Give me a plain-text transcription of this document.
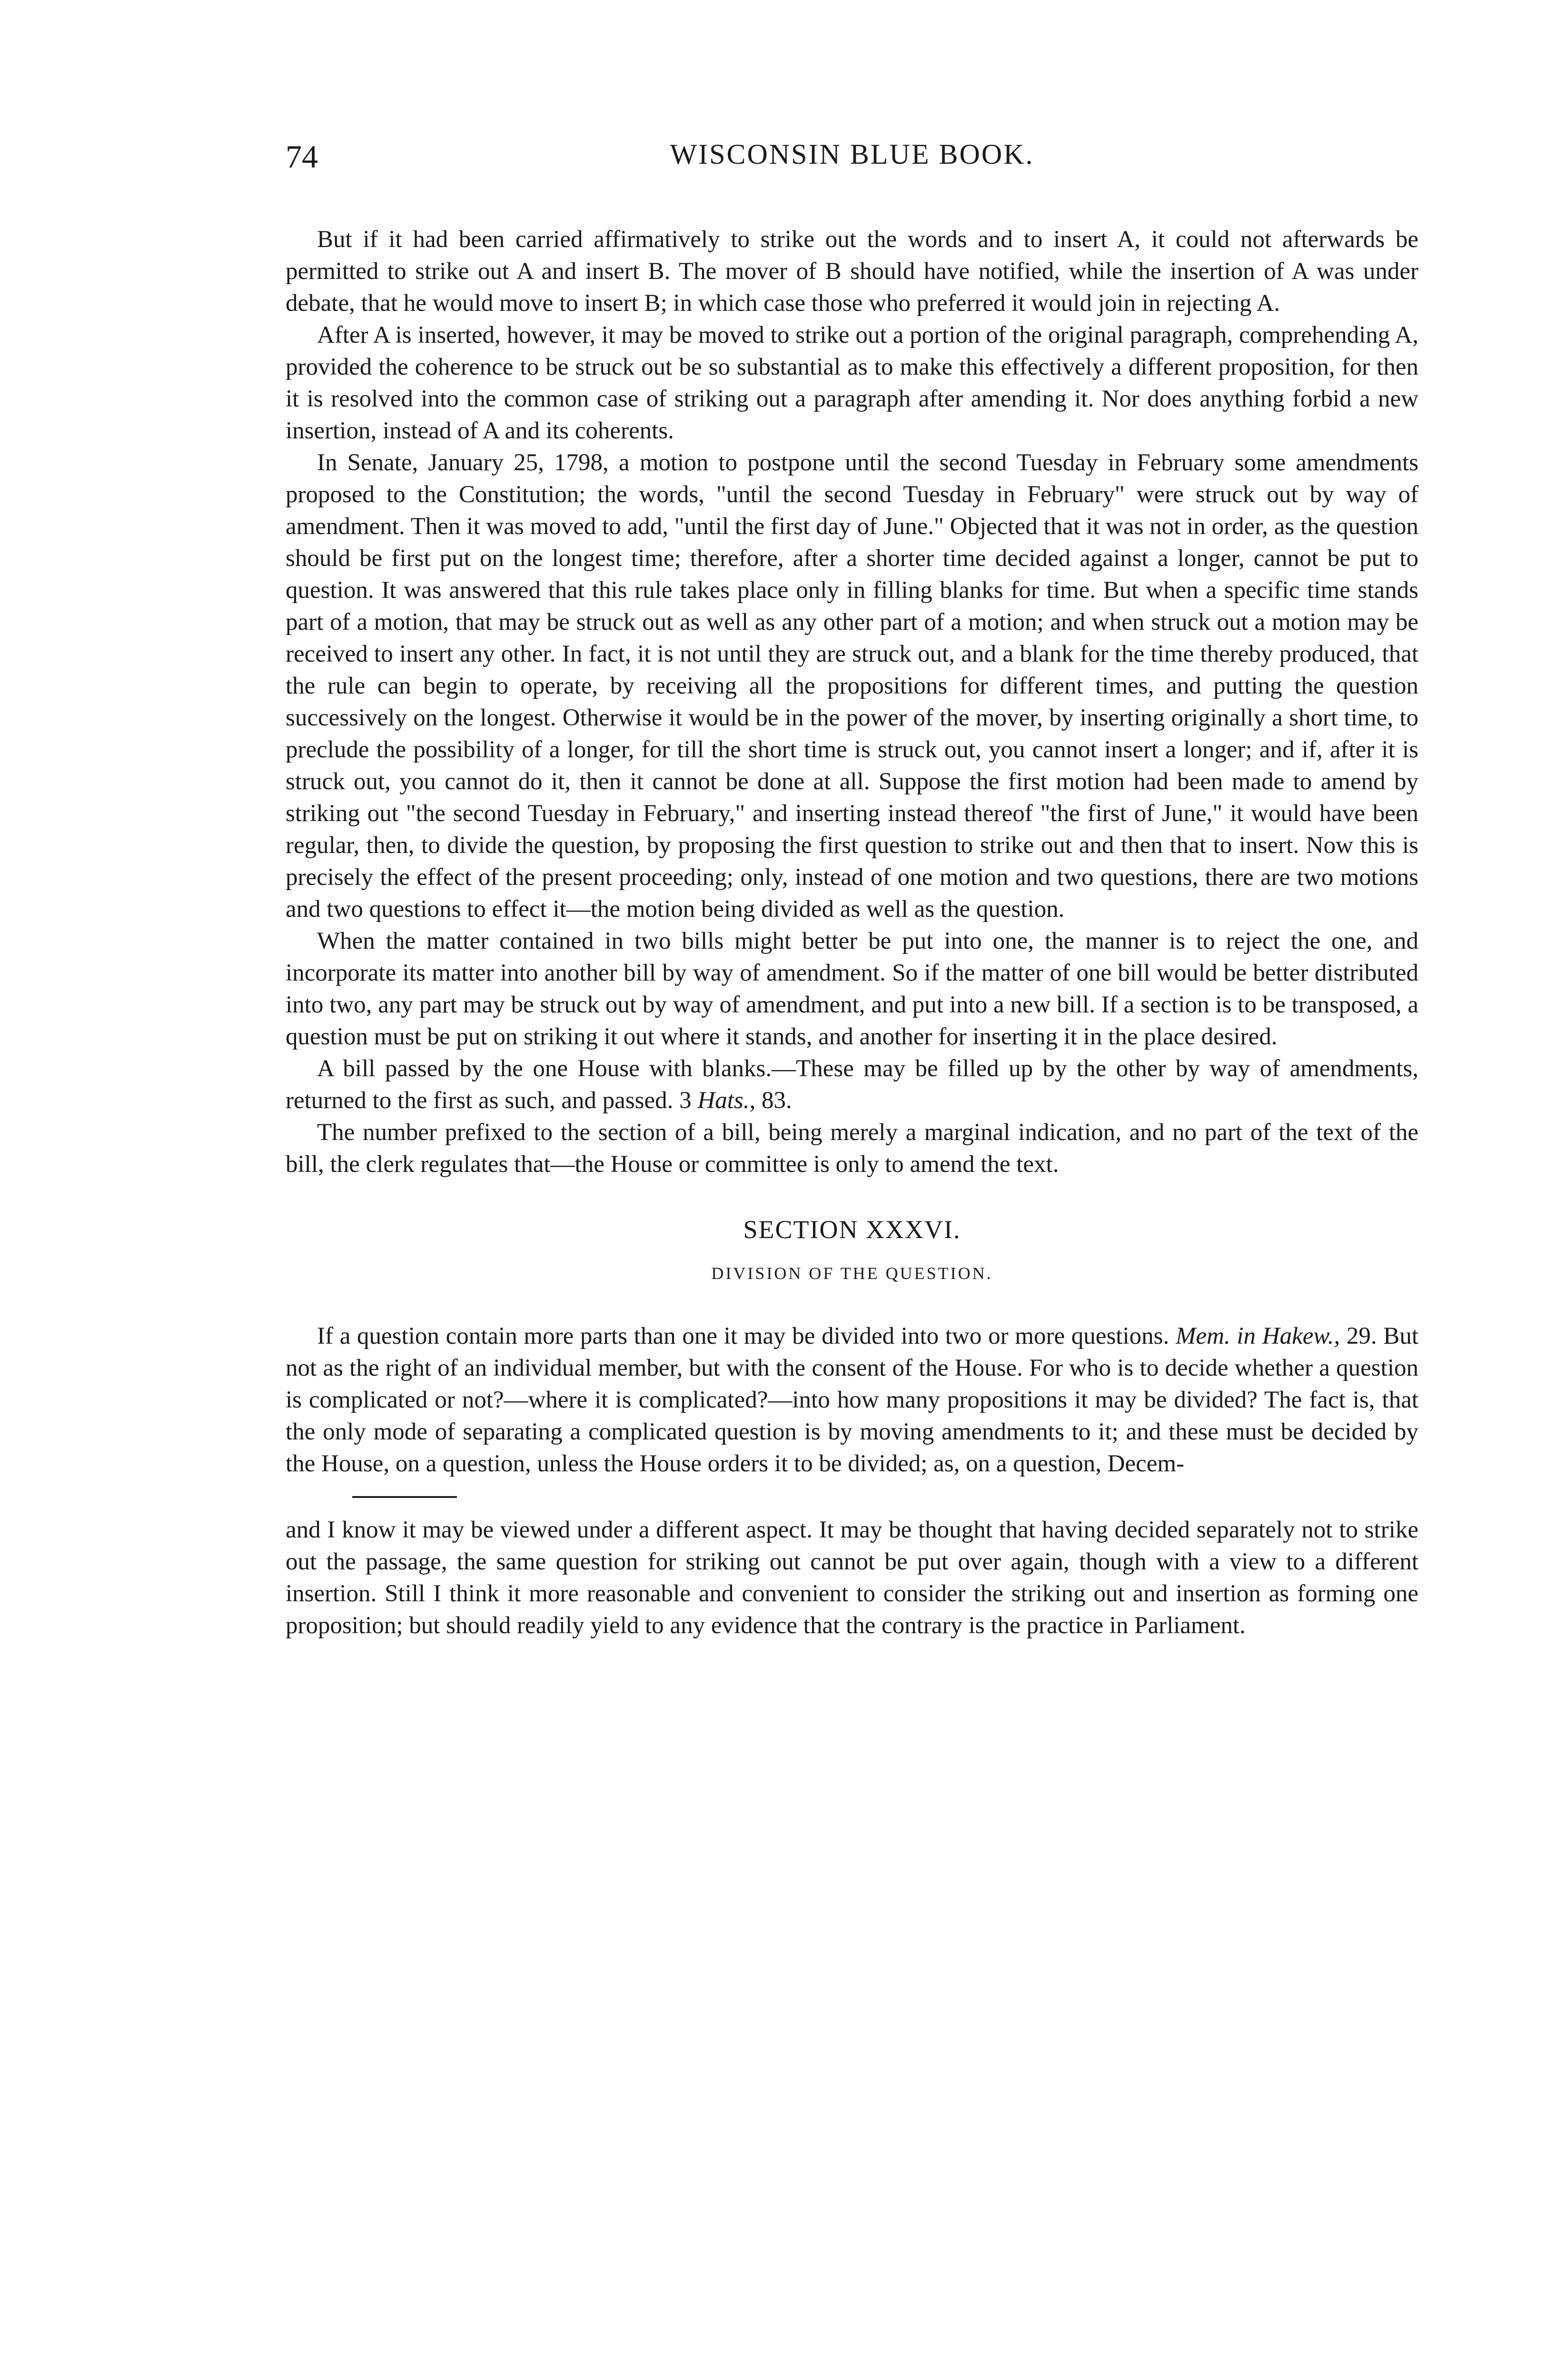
74	WISCONSIN BLUE BOOK.

But if it had been carried affirmatively to strike out the words and to insert A, it could not afterwards be permitted to strike out A and insert B. The mover of B should have notified, while the insertion of A was under debate, that he would move to insert B; in which case those who preferred it would join in rejecting A.

After A is inserted, however, it may be moved to strike out a portion of the original paragraph, comprehending A, provided the coherence to be struck out be so substantial as to make this effectively a different proposition, for then it is resolved into the common case of striking out a paragraph after amending it. Nor does anything forbid a new insertion, instead of A and its coherents.

In Senate, January 25, 1798, a motion to postpone until the second Tuesday in February some amendments proposed to the Constitution; the words, "until the second Tuesday in February" were struck out by way of amendment. Then it was moved to add, "until the first day of June." Objected that it was not in order, as the question should be first put on the longest time; therefore, after a shorter time decided against a longer, cannot be put to question. It was answered that this rule takes place only in filling blanks for time. But when a specific time stands part of a motion, that may be struck out as well as any other part of a motion; and when struck out a motion may be received to insert any other. In fact, it is not until they are struck out, and a blank for the time thereby produced, that the rule can begin to operate, by receiving all the propositions for different times, and putting the question successively on the longest. Otherwise it would be in the power of the mover, by inserting originally a short time, to preclude the possibility of a longer, for till the short time is struck out, you cannot insert a longer; and if, after it is struck out, you cannot do it, then it cannot be done at all. Suppose the first motion had been made to amend by striking out "the second Tuesday in February," and inserting instead thereof "the first of June," it would have been regular, then, to divide the question, by proposing the first question to strike out and then that to insert. Now this is precisely the effect of the present proceeding; only, instead of one motion and two questions, there are two motions and two questions to effect it—the motion being divided as well as the question.

When the matter contained in two bills might better be put into one, the manner is to reject the one, and incorporate its matter into another bill by way of amendment. So if the matter of one bill would be better distributed into two, any part may be struck out by way of amendment, and put into a new bill. If a section is to be transposed, a question must be put on striking it out where it stands, and another for inserting it in the place desired.

A bill passed by the one House with blanks.—These may be filled up by the other by way of amendments, returned to the first as such, and passed. 3 Hats., 83.

The number prefixed to the section of a bill, being merely a marginal indication, and no part of the text of the bill, the clerk regulates that—the House or committee is only to amend the text.

SECTION XXXVI.
DIVISION OF THE QUESTION.

If a question contain more parts than one it may be divided into two or more questions. Mem. in Hakew., 29. But not as the right of an individual member, but with the consent of the House. For who is to decide whether a question is complicated or not?—where it is complicated?—into how many propositions it may be divided? The fact is, that the only mode of separating a complicated question is by moving amendments to it; and these must be decided by the House, on a question, unless the House orders it to be divided; as, on a question, Decem-

and I know it may be viewed under a different aspect. It may be thought that having decided separately not to strike out the passage, the same question for striking out cannot be put over again, though with a view to a different insertion. Still I think it more reasonable and convenient to consider the striking out and insertion as forming one proposition; but should readily yield to any evidence that the contrary is the practice in Parliament.
